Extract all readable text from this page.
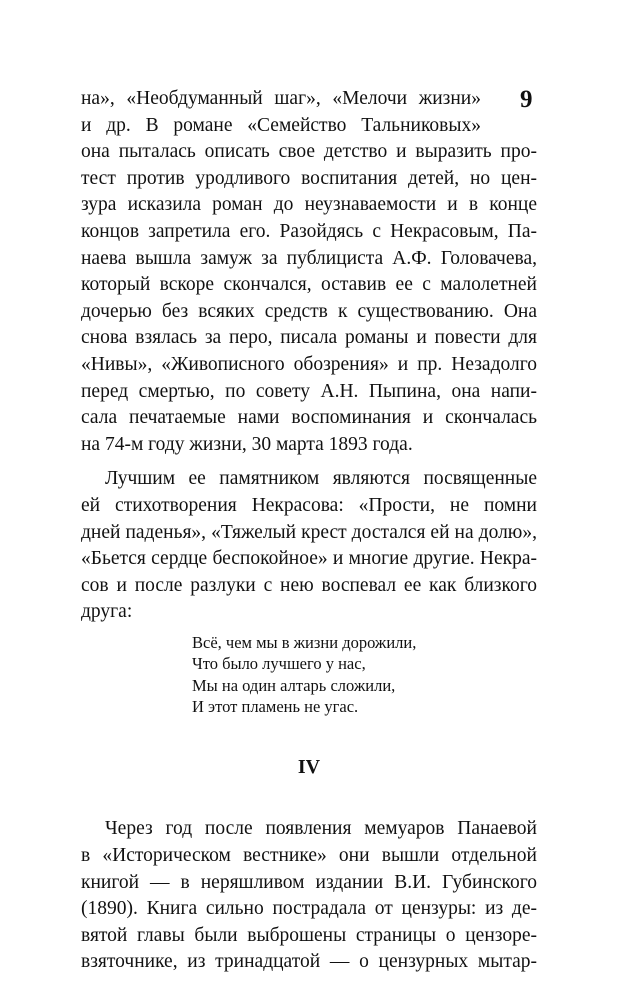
9
на», «Необдуманный шаг», «Мелочи жизни»
и др. В романе «Семейство Тальниковых»
она пыталась описать свое детство и выразить про-
тест против уродливого воспитания детей, но цен-
зура исказила роман до неузнаваемости и в конце
концов запретила его. Разойдясь с Некрасовым, Па-
наева вышла замуж за публициста А.Ф. Головачева,
который вскоре скончался, оставив ее с малолетней
дочерью без всяких средств к существованию. Она
снова взялась за перо, писала романы и повести для
«Нивы», «Живописного обозрения» и пр. Незадолго
перед смертью, по совету А.Н. Пыпина, она напи-
сала печатаемые нами воспоминания и скончалась
на 74-м году жизни, 30 марта 1893 года.
Лучшим ее памятником являются посвященные
ей стихотворения Некрасова: «Прости, не помни
дней паденья», «Тяжелый крест достался ей на долю»,
«Бьется сердце беспокойное» и многие другие. Некра-
сов и после разлуки с нею воспевал ее как близкого
друга:
Всё, чем мы в жизни дорожили,
Что было лучшего у нас,
Мы на один алтарь сложили,
И этот пламень не угас.
IV
Через год после появления мемуаров Панаевой
в «Историческом вестнике» они вышли отдельной
книгой — в неряшливом издании В.И. Губинского
(1890). Книга сильно пострадала от цензуры: из де-
вятой главы были выброшены страницы о цензоре-
взяточнике, из тринадцатой — о цензурных мытар-
